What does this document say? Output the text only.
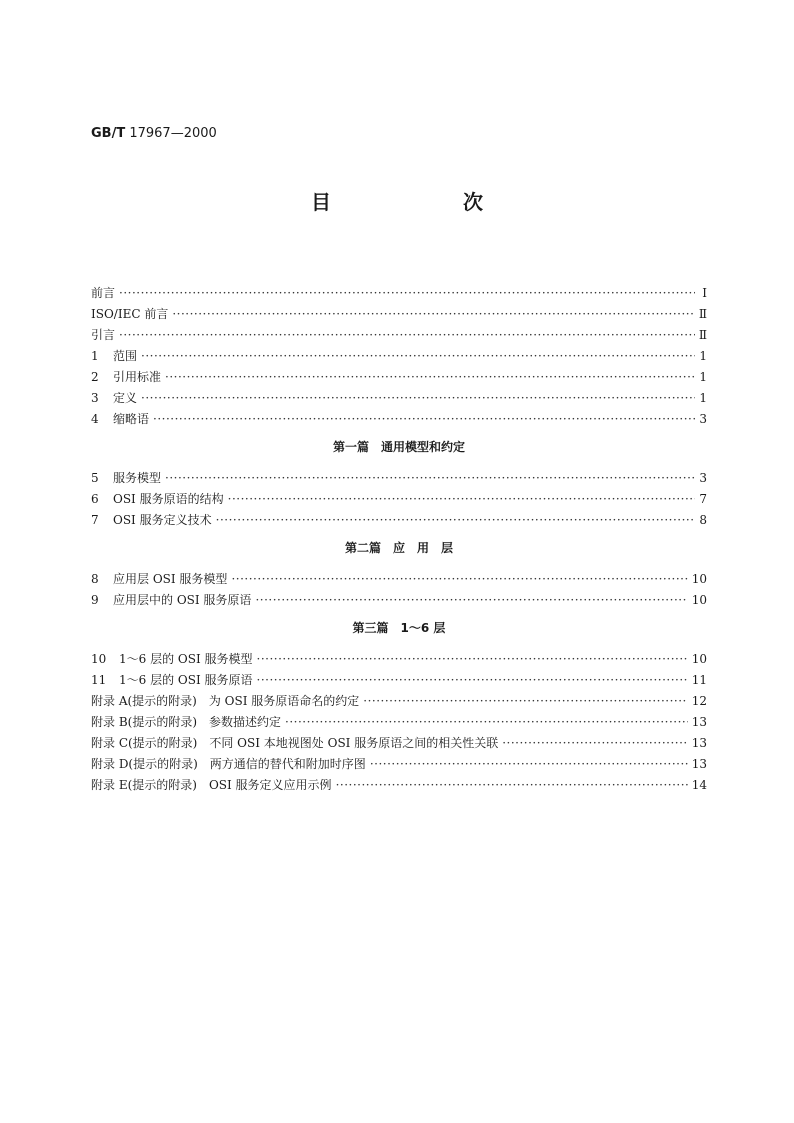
GB/T 17967—2000
目　次
前言 ·····	Ⅰ
ISO/IEC 前言 ·····	Ⅱ
引言 ·····	Ⅱ
1	范围 ·····	1
2	引用标准 ·····	1
3	定义 ·····	1
4	缩略语 ·····	3
第一篇　通用模型和约定
5	服务模型 ·····	3
6	OSI 服务原语的结构 ·····	7
7	OSI 服务定义技术 ·····	8
第二篇　应　用　层
8	应用层 OSI 服务模型 ·····	10
9	应用层中的 OSI 服务原语 ·····	10
第三篇　1～6 层
10	1～6 层的 OSI 服务模型 ·····	10
11	1～6 层的 OSI 服务原语 ·····	11
附录 A(提示的附录)　为 OSI 服务原语命名的约定 ·····	12
附录 B(提示的附录)　参数描述约定 ·····	13
附录 C(提示的附录)　不同 OSI 本地视图处 OSI 服务原语之间的相关性关联 ·····	13
附录 D(提示的附录)　两方通信的替代和附加时序图 ·····	13
附录 E(提示的附录)　OSI 服务定义应用示例 ·····	14
